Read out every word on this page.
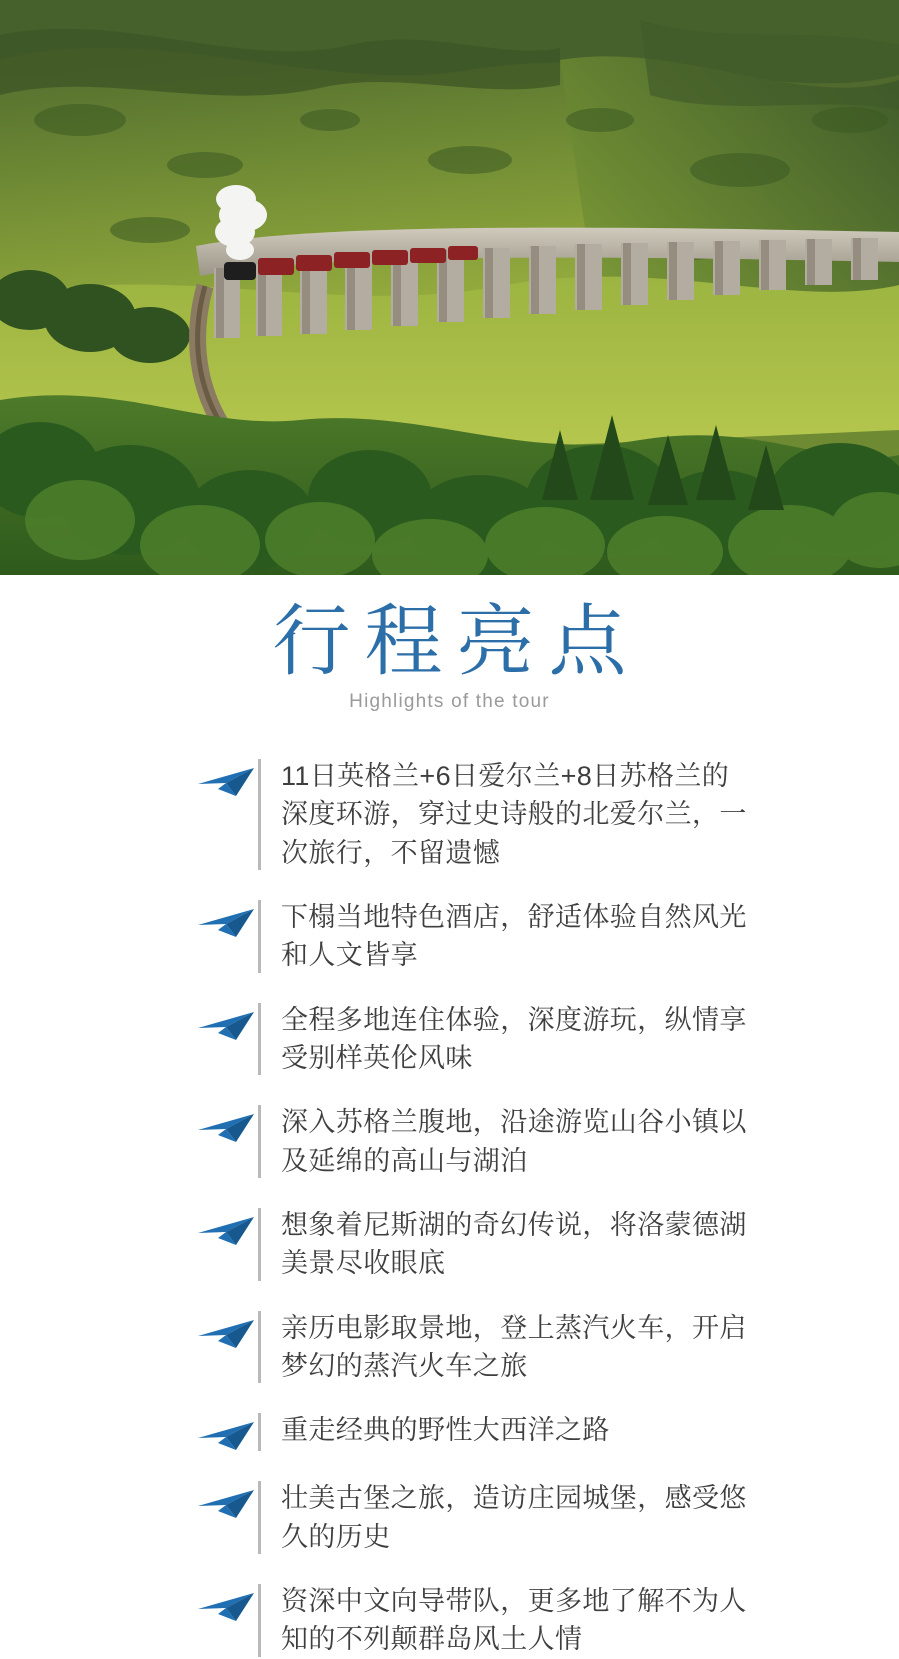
行程亮点
Highlights of the tour
11日英格兰+6日爱尔兰+8日苏格兰的深度环游，穿过史诗般的北爱尔兰，一次旅行，不留遗憾
下榻当地特色酒店，舒适体验自然风光和人文皆享
全程多地连住体验，深度游玩，纵情享受别样英伦风味
深入苏格兰腹地，沿途游览山谷小镇以及延绵的高山与湖泊
想象着尼斯湖的奇幻传说，将洛蒙德湖美景尽收眼底
亲历电影取景地，登上蒸汽火车，开启梦幻的蒸汽火车之旅
重走经典的野性大西洋之路
壮美古堡之旅，造访庄园城堡，感受悠久的历史
资深中文向导带队，更多地了解不为人知的不列颠群岛风土人情
